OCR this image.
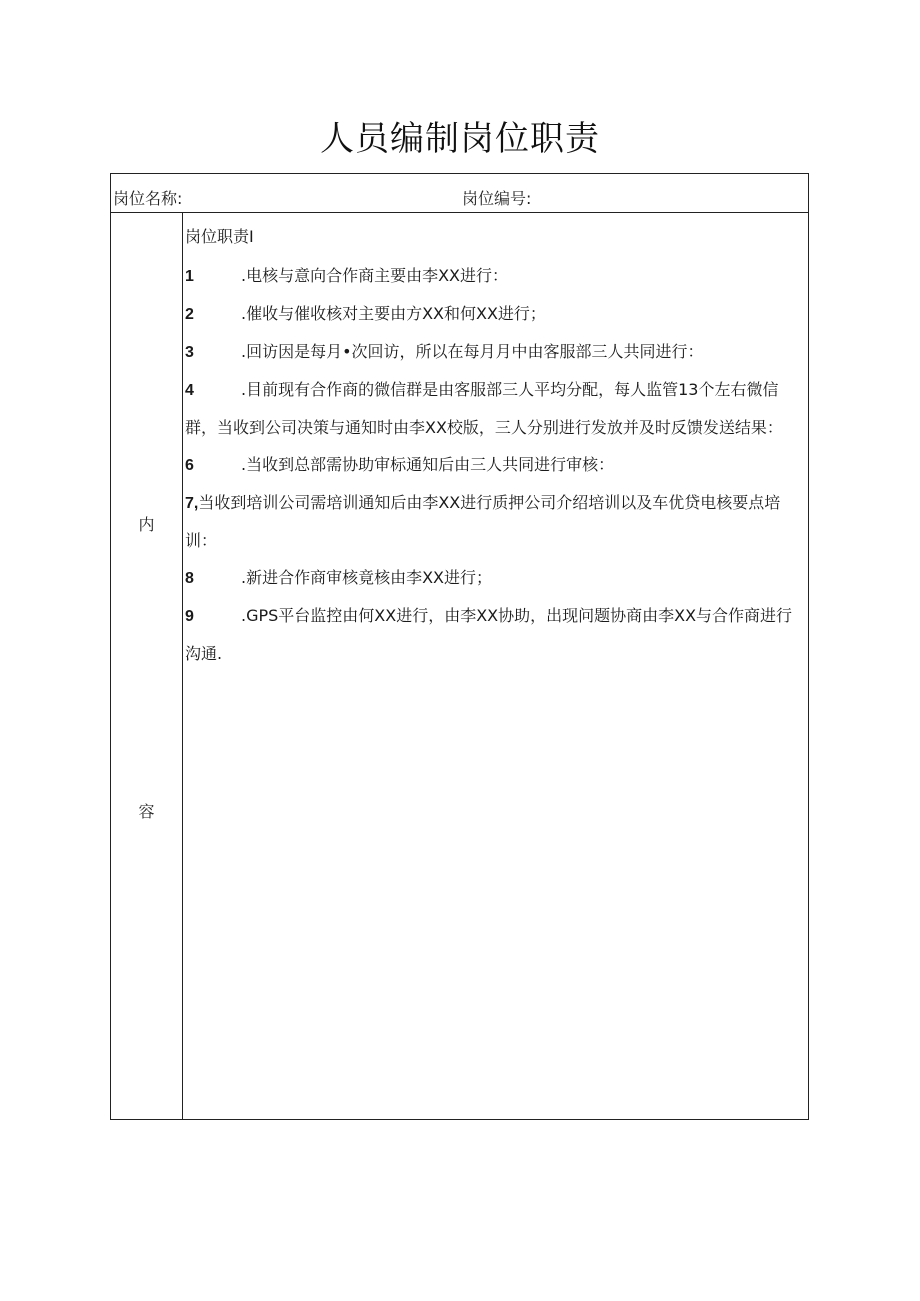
人员编制岗位职责
岗位名称:	岗位编号:
内
容
岗位职责I

1	.电核与意向合作商主要由李XX进行：

2	.催收与催收核对主要由方XX和何XX进行；

3	.回访因是每月•次回访，所以在每月月中由客服部三人共同进行：

4	.目前现有合作商的微信群是由客服部三人平均分配，每人监管13个左右微信群，当收到公司决策与通知时由李XX校版，三人分别进行发放并及时反馈发送结果：

6	.当收到总部需协助审标通知后由三人共同进行审核：

7,当收到培训公司需培训通知后由李XX进行质押公司介绍培训以及车优贷电核要点培训：

8	.新进合作商审核竟核由李XX进行；

9	.GPS平台监控由何XX进行，由李XX协助，出现问题协商由李XX与合作商进行沟通.
